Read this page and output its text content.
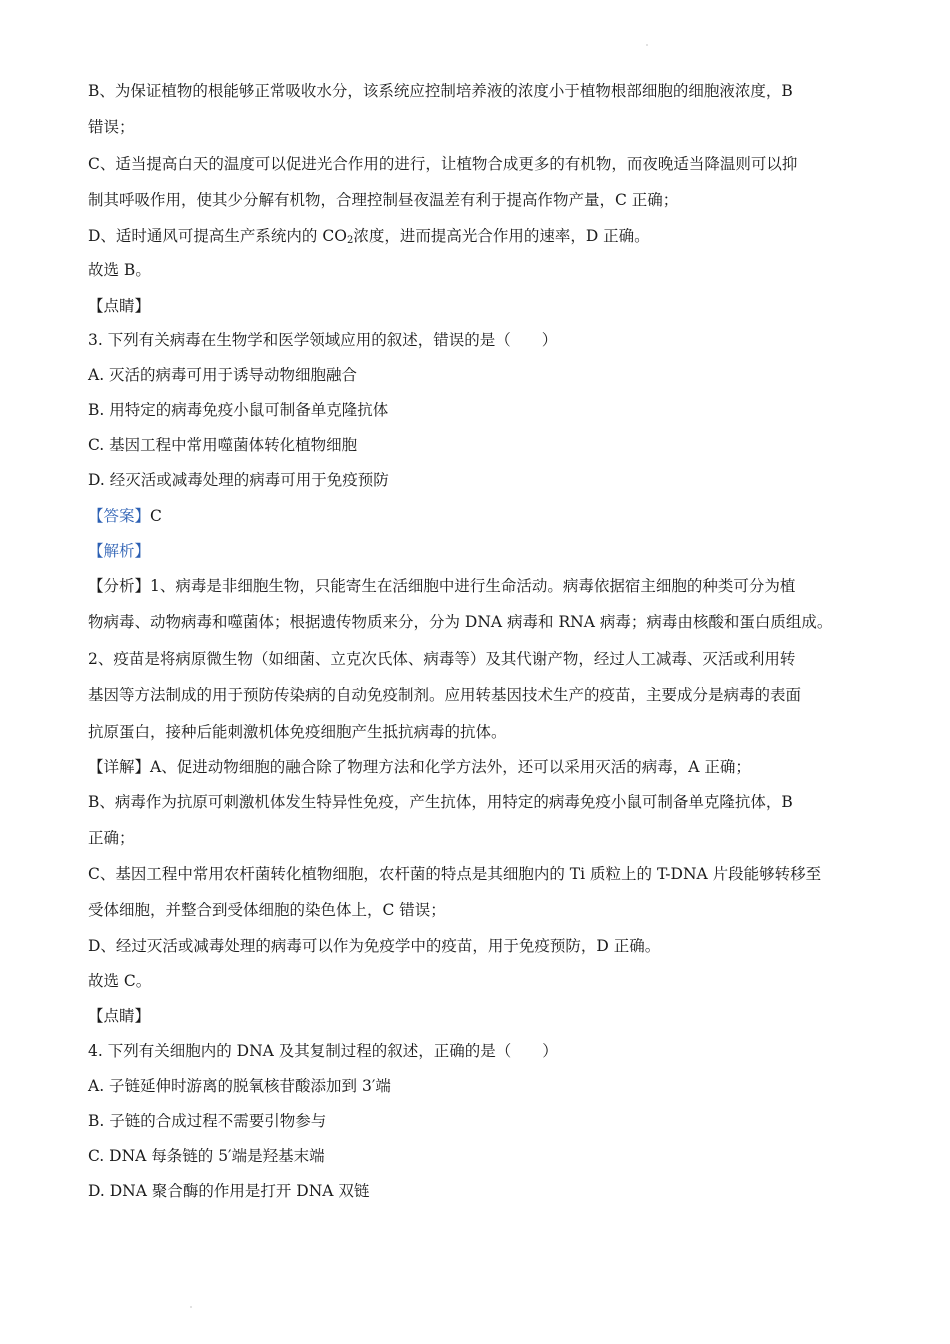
B、为保证植物的根能够正常吸收水分，该系统应控制培养液的浓度小于植物根部细胞的细胞液浓度，B
错误；
C、适当提高白天的温度可以促进光合作用的进行，让植物合成更多的有机物，而夜晚适当降温则可以抑
制其呼吸作用，使其少分解有机物，合理控制昼夜温差有利于提高作物产量，C 正确；
D、适时通风可提高生产系统内的 $CO_2$浓度，进而提高光合作用的速率，D 正确。
故选 B。
【点睛】
3. 下列有关病毒在生物学和医学领域应用的叙述，错误的是（　　）
A. 灭活的病毒可用于诱导动物细胞融合
B. 用特定的病毒免疫小鼠可制备单克隆抗体
C. 基因工程中常用噬菌体转化植物细胞
D. 经灭活或减毒处理的病毒可用于免疫预防
【答案】C
【解析】
【分析】1、病毒是非细胞生物，只能寄生在活细胞中进行生命活动。病毒依据宿主细胞的种类可分为植
物病毒、动物病毒和噬菌体；根据遗传物质来分，分为 DNA 病毒和 RNA 病毒；病毒由核酸和蛋白质组成。
2、疫苗是将病原微生物（如细菌、立克次氏体、病毒等）及其代谢产物，经过人工减毒、灭活或利用转
基因等方法制成的用于预防传染病的自动免疫制剂。应用转基因技术生产的疫苗，主要成分是病毒的表面
抗原蛋白，接种后能刺激机体免疫细胞产生抵抗病毒的抗体。
【详解】A、促进动物细胞的融合除了物理方法和化学方法外，还可以采用灭活的病毒，A 正确；
B、病毒作为抗原可刺激机体发生特异性免疫，产生抗体，用特定的病毒免疫小鼠可制备单克隆抗体，B
正确；
C、基因工程中常用农杆菌转化植物细胞，农杆菌的特点是其细胞内的 Ti 质粒上的 T-DNA 片段能够转移至
受体细胞，并整合到受体细胞的染色体上，C 错误；
D、经过灭活或减毒处理的病毒可以作为免疫学中的疫苗，用于免疫预防，D 正确。
故选 C。
【点睛】
4. 下列有关细胞内的 DNA 及其复制过程的叙述，正确的是（　　）
A. 子链延伸时游离的脱氧核苷酸添加到 3′端
B. 子链的合成过程不需要引物参与
C. DNA 每条链的 5′端是羟基末端
D. DNA 聚合酶的作用是打开 DNA 双链
